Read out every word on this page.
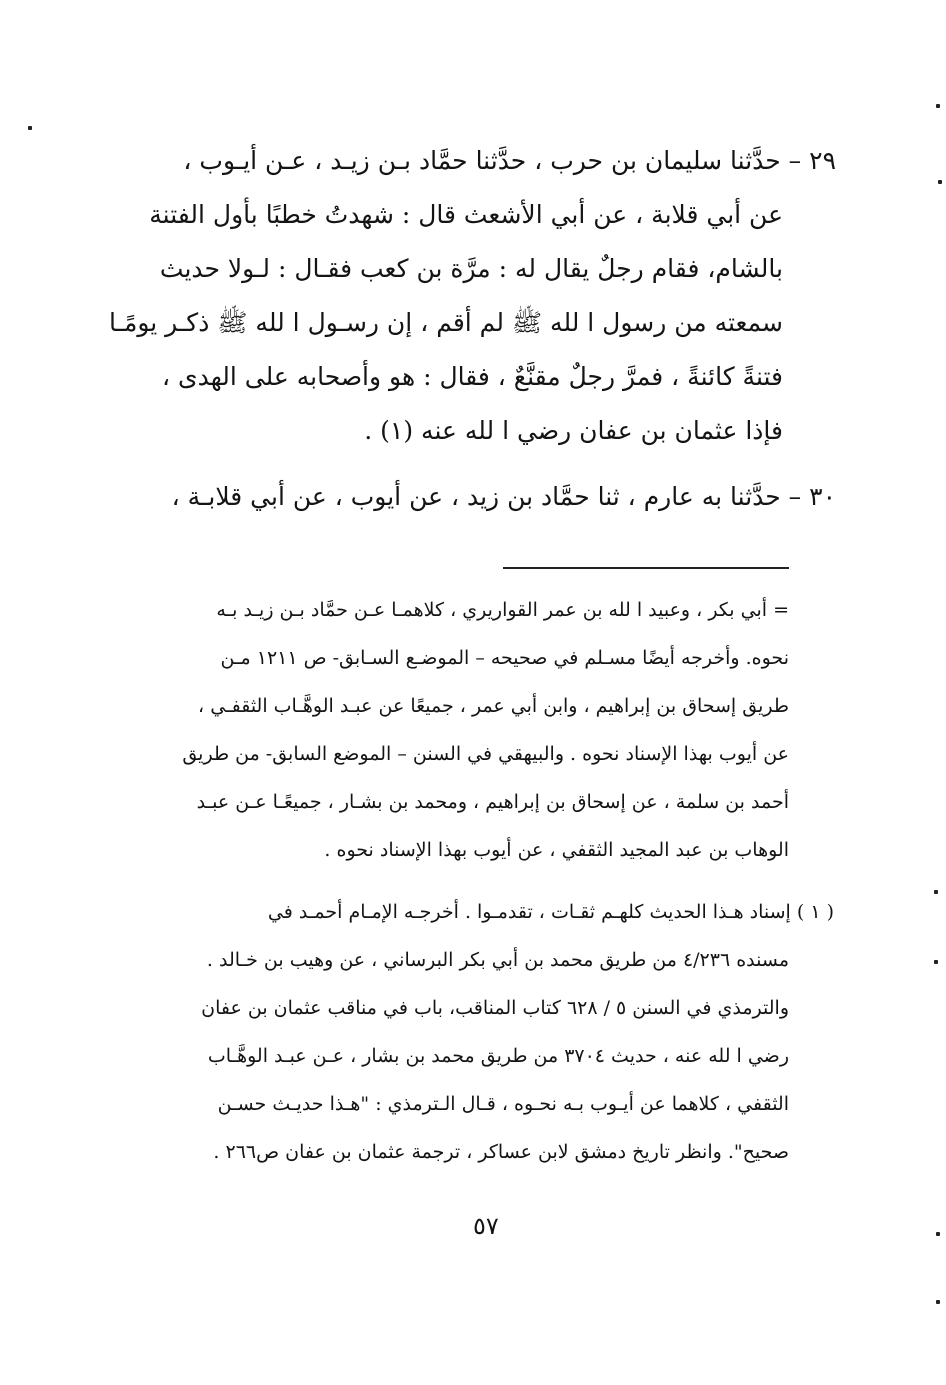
٢٩ – حدَّثنا سليمان بن حرب ، حدَّثنا حمَّاد بـن زيـد ، عـن أيـوب ،
عن أبي قلابة ، عن أبي الأشعث قال : شهدتُ خطبًا بأول الفتنة
بالشام، فقام رجلٌ يقال له : مرَّة بن كعب فقـال : لـولا حديث
سمعته من رسول ا لله ﷺ لم أقم ، إن رسـول ا لله ﷺ ذكـر يومًـا
فتنةً كائنةً ، فمرَّ رجلٌ مقنَّعٌ ، فقال : هو وأصحابه على الهدى ،
فإذا عثمان بن عفان رضي ا لله عنه (١) .
٣٠ – حدَّثنا به عارم ، ثنا حمَّاد بن زيد ، عن أيوب ، عن أبي قلابـة ،
= أبي بكر ، وعبيد ا لله بن عمر القواريري ، كلاهمـا عـن حمَّاد بـن زيـد بـه
نحوه. وأخرجه أيضًا مسـلم في صحيحه – الموضـع السـابق- ص ١٢١١ مـن
طريق إسحاق بن إبراهيم ، وابن أبي عمر ، جميعًا عن عبـد الوهَّـاب الثقفـي ،
عن أيوب بهذا الإسناد نحوه . والبيهقي في السنن – الموضع السابق- من طريق
أحمد بن سلمة ، عن إسحاق بن إبراهيم ، ومحمد بن بشـار ، جميعًـا عـن عبـد
الوهاب بن عبد المجيد الثقفي ، عن أيوب بهذا الإسناد نحوه .
( ١ ) إسناد هـذا الحديث كلهـم ثقـات ، تقدمـوا . أخرجـه الإمـام أحمـد في
مسنده ٤/٢٣٦ من طريق محمد بن أبي بكر البرساني ، عن وهيب بن خـالد .
والترمذي في السنن ٥ / ٦٢٨ كتاب المناقب، باب في مناقب عثمان بن عفان
رضي ا لله عنه ، حديث ٣٧٠٤ من طريق محمد بن بشار ، عـن عبـد الوهَّـاب
الثقفي ، كلاهما عن أيـوب بـه نحـوه ، قـال الـترمذي : "هـذا حديـث حسـن
صحيح". وانظر تاريخ دمشق لابن عساكر ، ترجمة عثمان بن عفان ص٢٦٦ .
٥٧
